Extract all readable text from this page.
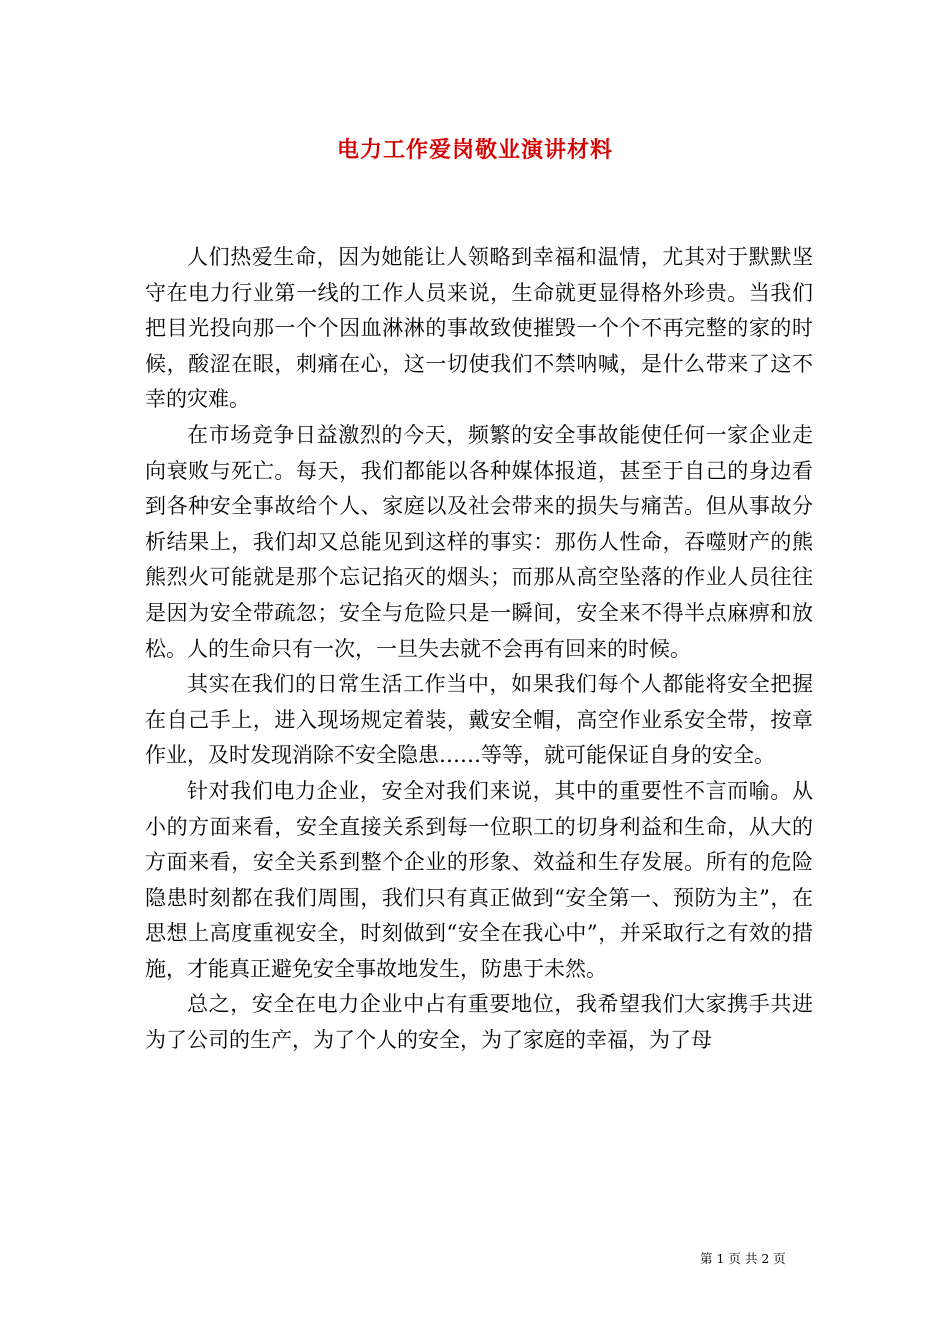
电力工作爱岗敬业演讲材料

人们热爱生命，因为她能让人领略到幸福和温情，尤其对于默默坚守在电力行业第一线的工作人员来说，生命就更显得格外珍贵。当我们把目光投向那一个个因血淋淋的事故致使摧毁一个个不再完整的家的时候，酸涩在眼，刺痛在心，这一切使我们不禁呐喊，是什么带来了这不幸的灾难。

在市场竞争日益激烈的今天，频繁的安全事故能使任何一家企业走向衰败与死亡。每天，我们都能以各种媒体报道，甚至于自己的身边看到各种安全事故给个人、家庭以及社会带来的损失与痛苦。但从事故分析结果上，我们却又总能见到这样的事实：那伤人性命，吞噬财产的熊熊烈火可能就是那个忘记掐灭的烟头；而那从高空坠落的作业人员往往是因为安全带疏忽；安全与危险只是一瞬间，安全来不得半点麻痹和放松。人的生命只有一次，一旦失去就不会再有回来的时候。

其实在我们的日常生活工作当中，如果我们每个人都能将安全把握在自己手上，进入现场规定着装，戴安全帽，高空作业系安全带，按章作业，及时发现消除不安全隐患……等等，就可能保证自身的安全。

针对我们电力企业，安全对我们来说，其中的重要性不言而喻。从小的方面来看，安全直接关系到每一位职工的切身利益和生命，从大的方面来看，安全关系到整个企业的形象、效益和生存发展。所有的危险隐患时刻都在我们周围，我们只有真正做到“安全第一、预防为主”，在思想上高度重视安全，时刻做到“安全在我心中”，并采取行之有效的措施，才能真正避免安全事故地发生，防患于未然。

总之，安全在电力企业中占有重要地位，我希望我们大家携手共进为了公司的生产，为了个人的安全，为了家庭的幸福，为了母

第 1 页 共 2 页
